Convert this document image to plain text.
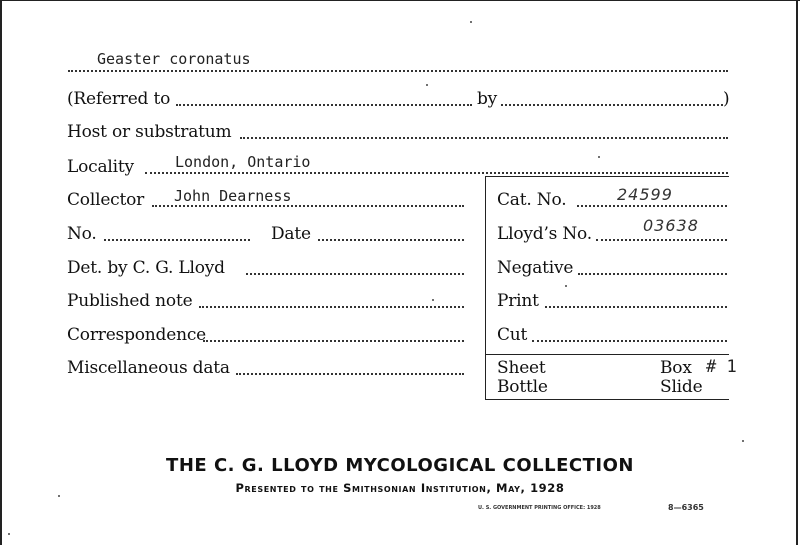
Geaster coronatus
(Referred to	by	)
Host or substratum
Locality	London, Ontario
Collector John Dearness	Cat. No.	24599
No.	Date	Lloyd’s No.	03638
Det. by C. G. Lloyd	Negative
Published note	Print
Correspondence	Cut
Miscellaneous data	Sheet	Box # 1
Bottle	Slide
THE C. G. LLOYD MYCOLOGICAL COLLECTION
Presented to the Smithsonian Institution, May, 1928
U. S. GOVERNMENT PRINTING OFFICE: 1928	8—6365
